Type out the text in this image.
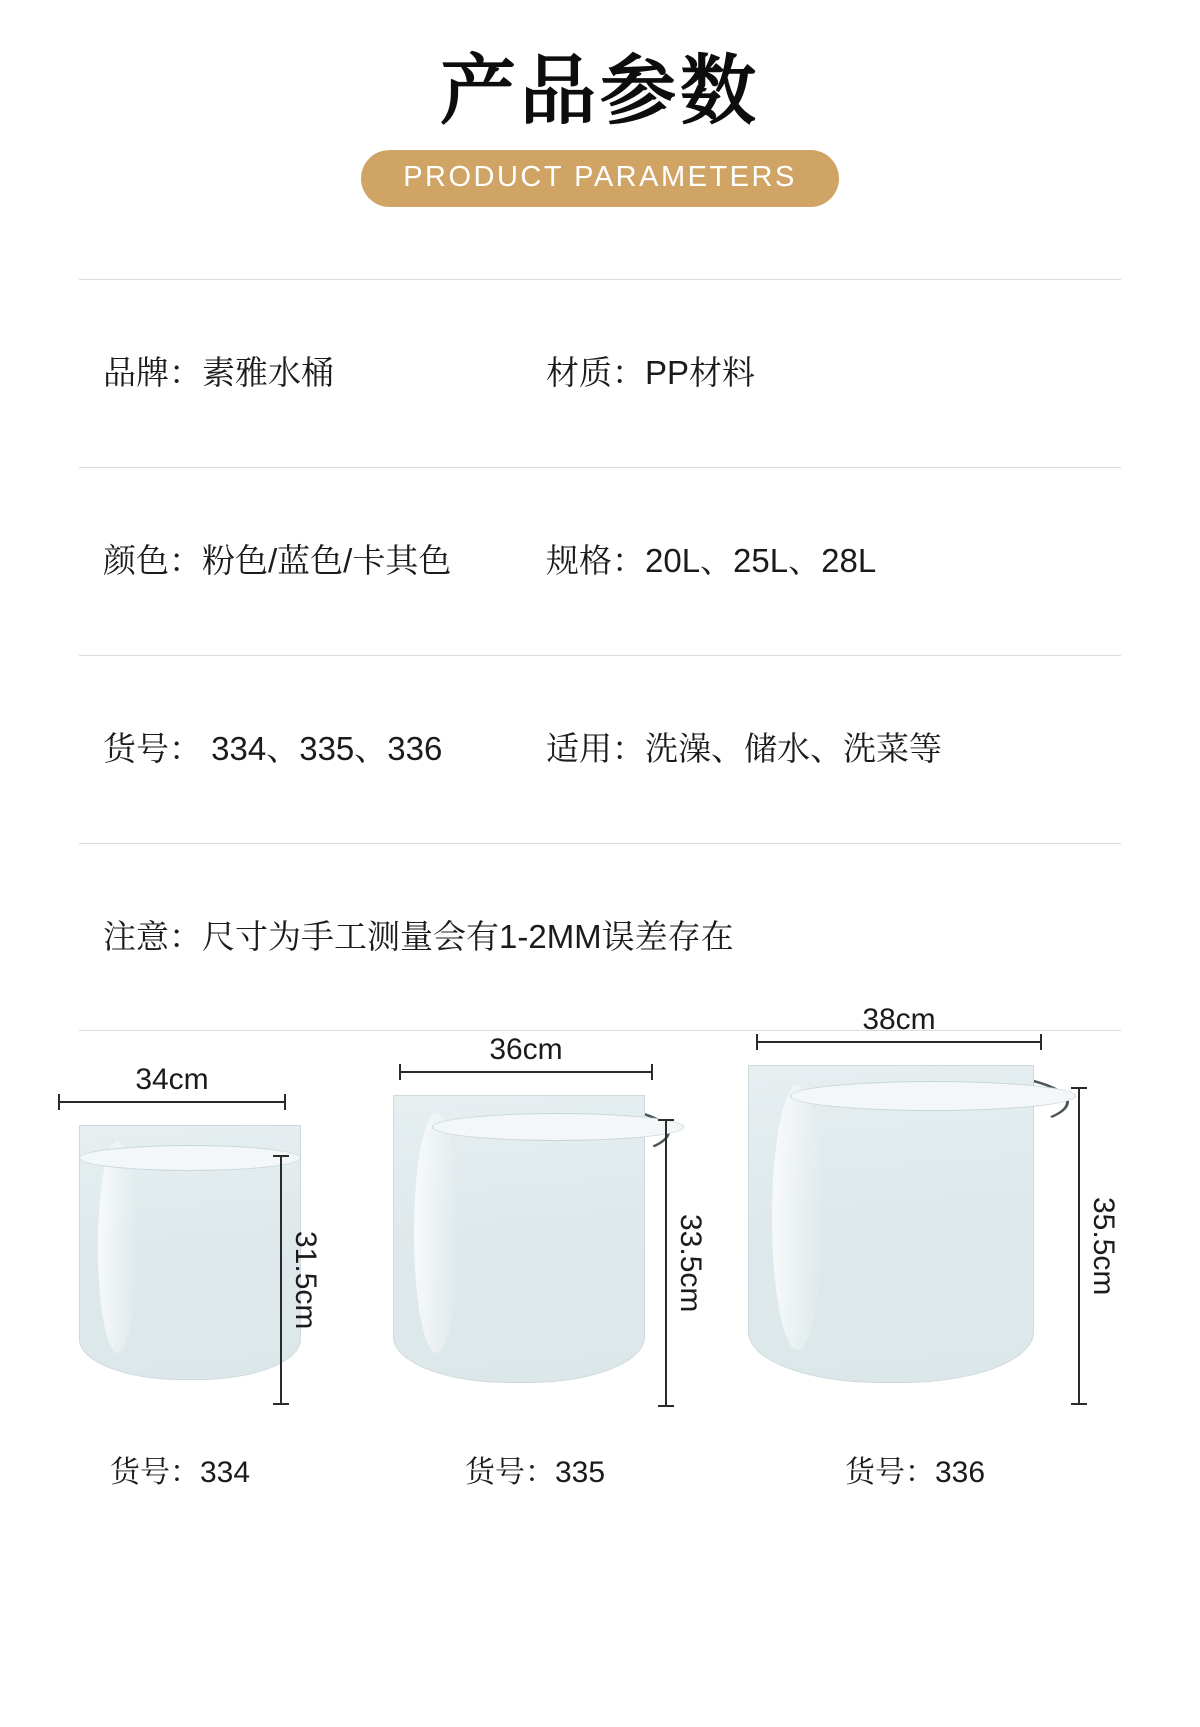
产品参数
PRODUCT PARAMETERS
品牌：素雅水桶	材质：PP材料
颜色：粉色/蓝色/卡其色	规格：20L、25L、28L
货号： 334、335、336	适用：洗澡、储水、洗菜等
注意：尺寸为手工测量会有1-2MM误差存在
34cm
31.5cm
货号：334
36cm
33.5cm
货号：335
38cm
35.5cm
货号：336
